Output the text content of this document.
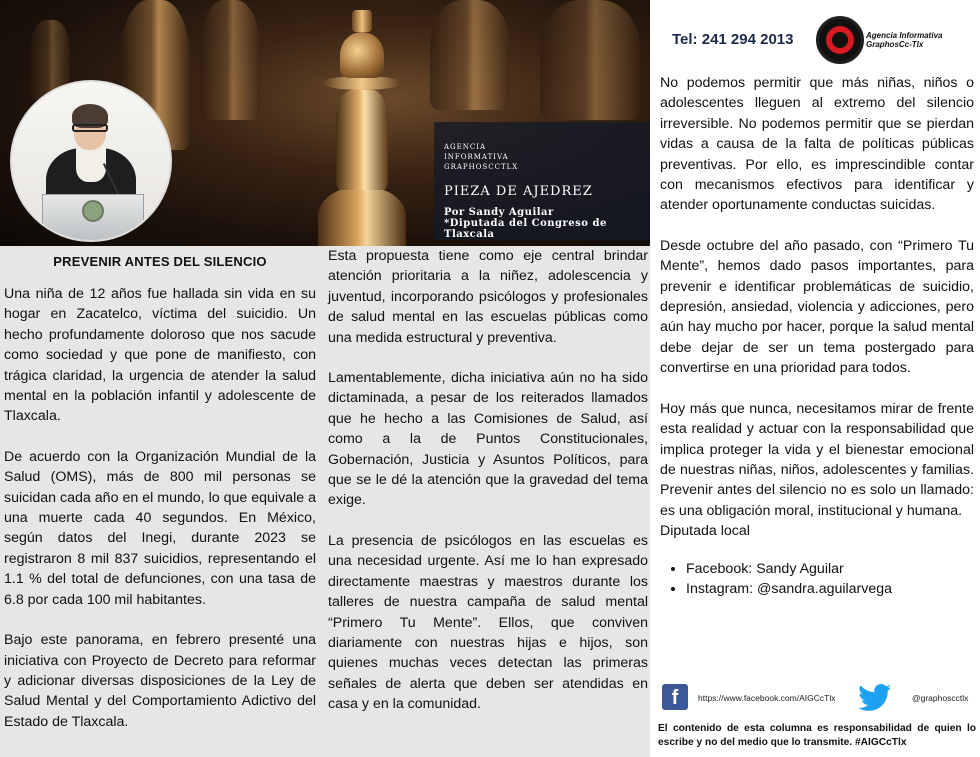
AGENCIA
INFORMATIVA
GRAPHOSCCTLX
PIEZA DE AJEDREZ
Por Sandy Aguilar
*Diputada del Congreso de Tlaxcala
PREVENIR ANTES DEL SILENCIO

Una niña de 12 años fue hallada sin vida en su hogar en Zacatelco, víctima del suicidio. Un hecho profundamente doloroso que nos sacude como sociedad y que pone de manifiesto, con trágica claridad, la urgencia de atender la salud mental en la población infantil y adolescente de Tlaxcala.

De acuerdo con la Organización Mundial de la Salud (OMS), más de 800 mil personas se suicidan cada año en el mundo, lo que equivale a una muerte cada 40 segundos. En México, según datos del Inegi, durante 2023 se registraron 8 mil 837 suicidios, representando el 1.1 % del total de defunciones, con una tasa de 6.8 por cada 100 mil habitantes.

Bajo este panorama, en febrero presenté una iniciativa con Proyecto de Decreto para reformar y adicionar diversas disposiciones de la Ley de Salud Mental y del Comportamiento Adictivo del Estado de Tlaxcala.

Esta propuesta tiene como eje central brindar atención prioritaria a la niñez, adolescencia y juventud, incorporando psicólogos y profesionales de salud mental en las escuelas públicas como una medida estructural y preventiva.

Lamentablemente, dicha iniciativa aún no ha sido dictaminada, a pesar de los reiterados llamados que he hecho a las Comisiones de Salud, así como a la de Puntos Constitucionales, Gobernación, Justicia y Asuntos Políticos, para que se le dé la atención que la gravedad del tema exige.

La presencia de psicólogos en las escuelas es una necesidad urgente. Así me lo han expresado directamente maestras y maestros durante los talleres de nuestra campaña de salud mental “Primero Tu Mente”. Ellos, que conviven diariamente con nuestras hijas e hijos, son quienes muchas veces detectan las primeras señales de alerta que deben ser atendidas en casa y en la comunidad.

Tel: 241 294 2013	Agencia Informativa
GraphosCc-Tlx

No podemos permitir que más niñas, niños o adolescentes lleguen al extremo del silencio irreversible. No podemos permitir que se pierdan vidas a causa de la falta de políticas públicas preventivas. Por ello, es imprescindible contar con mecanismos efectivos para identificar y atender oportunamente conductas suicidas.

Desde octubre del año pasado, con “Primero Tu Mente”, hemos dado pasos importantes, para prevenir e identificar problemáticas de suicidio, depresión, ansiedad, violencia y adicciones, pero aún hay mucho por hacer, porque la salud mental debe dejar de ser un tema postergado para convertirse en una prioridad para todos.

Hoy más que nunca, necesitamos mirar de frente esta realidad y actuar con la responsabilidad que implica proteger la vida y el bienestar emocional de nuestras niñas, niños, adolescentes y familias. Prevenir antes del silencio no es solo un llamado: es una obligación moral, institucional y humana.

Diputada local
• Facebook: Sandy Aguilar
• Instagram: @sandra.aguilarvega
f	https://www.facebook.com/AIGCcTlx	@graphoscctlx
El contenido de esta columna es responsabilidad de quien lo escribe y no del medio que lo transmite. #AIGCcTlx
